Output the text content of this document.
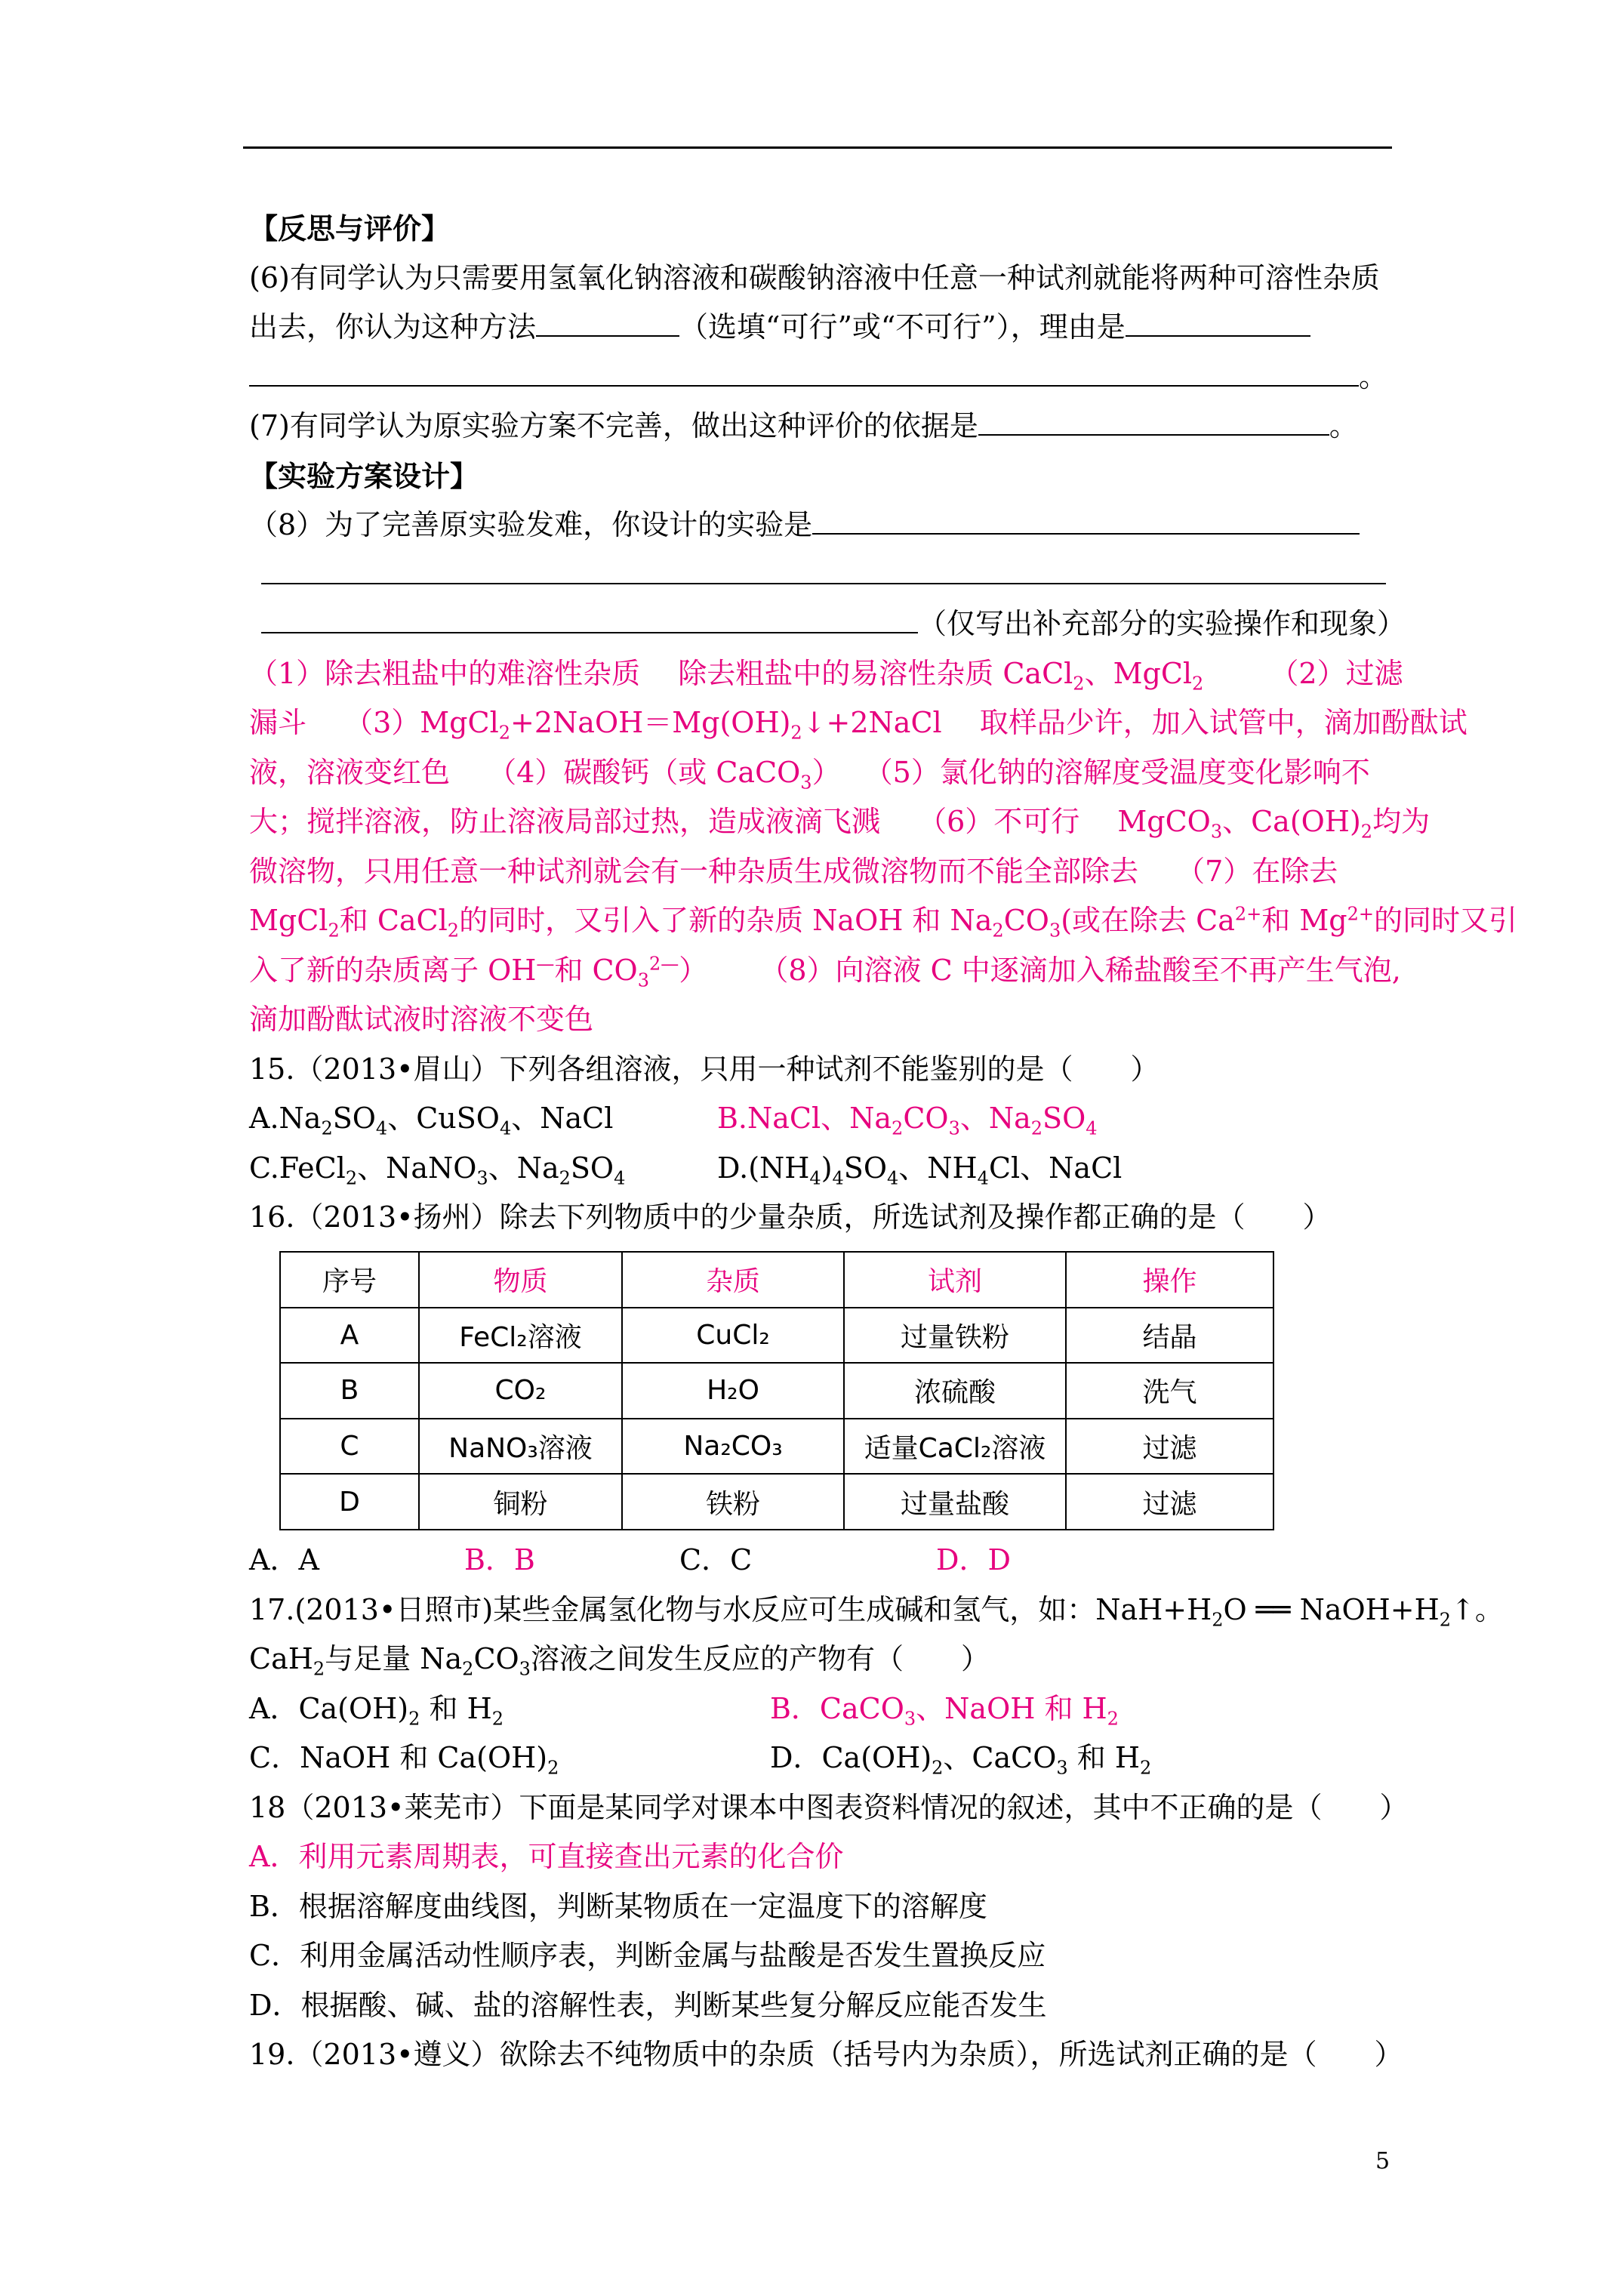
【反思与评价】
(6)有同学认为只需要用氢氧化钠溶液和碳酸钠溶液中任意一种试剂就能将两种可溶性杂质
出去，你认为这种方法	（选填“可行”或“不可行”），理由是
。
(7)有同学认为原实验方案不完善，做出这种评价的依据是	。
【实验方案设计】
（8）为了完善原实验发难，你设计的实验是
（仅写出补充部分的实验操作和现象）
（1）除去粗盐中的难溶性杂质　 除去粗盐中的易溶性杂质 CaCl$_2$、MgCl$_2$　　 （2）过滤
漏斗　 $(3)MgCl_2+2NaOH=Mg(OH)_2↓+2NaCl$　 取样品少许，加入试管中，滴加酚酞试
液，溶液变红色　 （4）碳酸钙（或 CaCO$_3$）　 （5）氯化钠的溶解度受温度变化影响不
大；搅拌溶液，防止溶液局部过热，造成液滴飞溅　 （6）不可行　 MgCO$_3$、$Ca(OH)_2$均为
微溶物，只用任意一种试剂就会有一种杂质生成微溶物而不能全部除去　 （7）在除去
MgCl$_2$和 CaCl$_2$的同时，又引入了新的杂质 NaOH 和 $Na_2CO_3$(或在除去 $Ca^{2+}$和 $Mg^{2+}$的同时又引
入了新的杂质离子 OH—和 $CO_3^{2—}$）　　 （8）向溶液 C 中逐滴加入稀盐酸至不再产生气泡,
滴加酚酞试液时溶液不变色
15.（2013•眉山）下列各组溶液，只用一种试剂不能鉴别的是（　　）
$A.Na_2SO_4$、CuSO$_4$、NaCl	B.NaCl、$Na_2CO_3$、$Na_2SO_4$
C.FeCl$_2$、NaNO$_3$、$Na_2SO_4$	$D.(NH_4)_4SO_4$、$NH_4Cl$、NaCl
16.（2013•扬州）除去下列物质中的少量杂质，所选试剂及操作都正确的是（　　）
序号	物质	杂质	试剂	操作
A	FeCl₂溶液	CuCl₂	过量铁粉	结晶
B	CO₂	H₂O	浓硫酸	洗气
C	NaNO₃溶液	Na₂CO₃	适量CaCl₂溶液	过滤
D	铜粉	铁粉	过量盐酸	过滤
A．A	B．B	C．C	D．D
17.(2013•日照市)某些金属氢化物与水反应可生成碱和氢气，如：$NaH+H_2O$ ══ $NaOH+H_2↑$。
CaH$_2$与足量 $Na_2CO_3$溶液之间发生反应的产物有（　　）
A．$Ca(OH)_2$ 和 $H_2$	B．CaCO$_3$、NaOH 和 $H_2$
C．NaOH 和 $Ca(OH)_2$	D．$Ca(OH)_2$、CaCO$_3$ 和 $H_2$
18（2013•莱芜市）下面是某同学对课本中图表资料情况的叙述，其中不正确的是（　　）
A．利用元素周期表，可直接查出元素的化合价
B．根据溶解度曲线图，判断某物质在一定温度下的溶解度
C．利用金属活动性顺序表，判断金属与盐酸是否发生置换反应
D．根据酸、碱、盐的溶解性表，判断某些复分解反应能否发生
19.（2013•遵义）欲除去不纯物质中的杂质（括号内为杂质），所选试剂正确的是（　　）
5
